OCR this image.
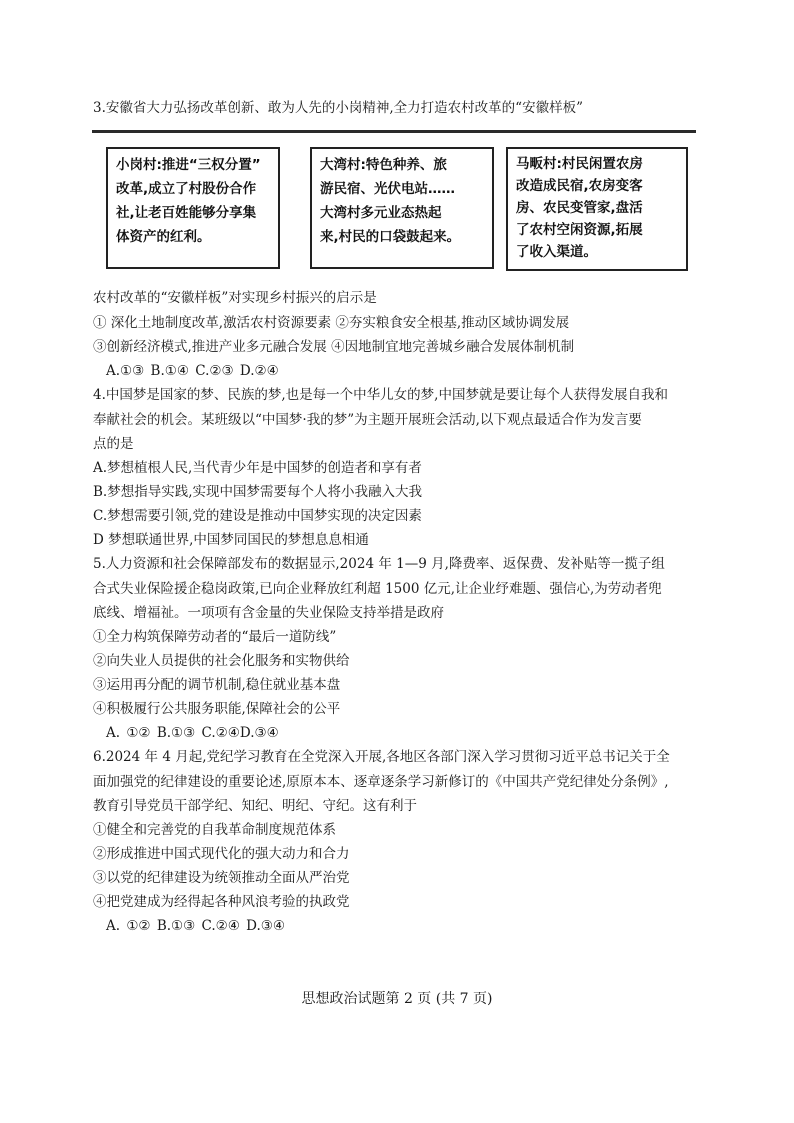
3.安徽省大力弘扬改革创新、敢为人先的小岗精神,全力打造农村改革的“安徽样板”
小岗村:推进“三权分置”
改革,成立了村股份合作
社,让老百姓能够分享集
体资产的红利。
大湾村:特色种养、旅
游民宿、光伏电站……
大湾村多元业态热起
来,村民的口袋鼓起来。
马畈村:村民闲置农房
改造成民宿,农房变客
房、农民变管家,盘活
了农村空闲资源,拓展
了收入渠道。
农村改革的“安徽样板”对实现乡村振兴的启示是
① 深化土地制度改革,激活农村资源要素 ②夯实粮食安全根基,推动区域协调发展
③创新经济模式,推进产业多元融合发展 ④因地制宜地完善城乡融合发展体制机制
A.①③ B.①④ C.②③ D.②④
4.中国梦是国家的梦、民族的梦,也是每一个中华儿女的梦,中国梦就是要让每个人获得发展自我和
奉献社会的机会。某班级以“中国梦·我的梦”为主题开展班会活动,以下观点最适合作为发言要
点的是
A.梦想植根人民,当代青少年是中国梦的创造者和享有者
B.梦想指导实践,实现中国梦需要每个人将小我融入大我
C.梦想需要引领,党的建设是推动中国梦实现的决定因素
D 梦想联通世界,中国梦同国民的梦想息息相通
5.人力资源和社会保障部发布的数据显示,2024 年 1—9 月,降费率、返保费、发补贴等一揽子组
合式失业保险援企稳岗政策,已向企业释放红利超 1500 亿元,让企业纾难题、强信心,为劳动者兜
底线、增福祉。一项项有含金量的失业保险支持举措是政府
①全力构筑保障劳动者的“最后一道防线”
②向失业人员提供的社会化服务和实物供给
③运用再分配的调节机制,稳住就业基本盘
④积极履行公共服务职能,保障社会的公平
A. ①② B.①③ C.②④D.③④
6.2024 年 4 月起,党纪学习教育在全党深入开展,各地区各部门深入学习贯彻习近平总书记关于全
面加强党的纪律建设的重要论述,原原本本、逐章逐条学习新修订的《中国共产党纪律处分条例》,
教育引导党员干部学纪、知纪、明纪、守纪。这有利于
①健全和完善党的自我革命制度规范体系
②形成推进中国式现代化的强大动力和合力
③以党的纪律建设为统领推动全面从严治党
④把党建成为经得起各种风浪考验的执政党
A. ①② B.①③ C.②④ D.③④
思想政治试题第 2 页 (共 7 页)
